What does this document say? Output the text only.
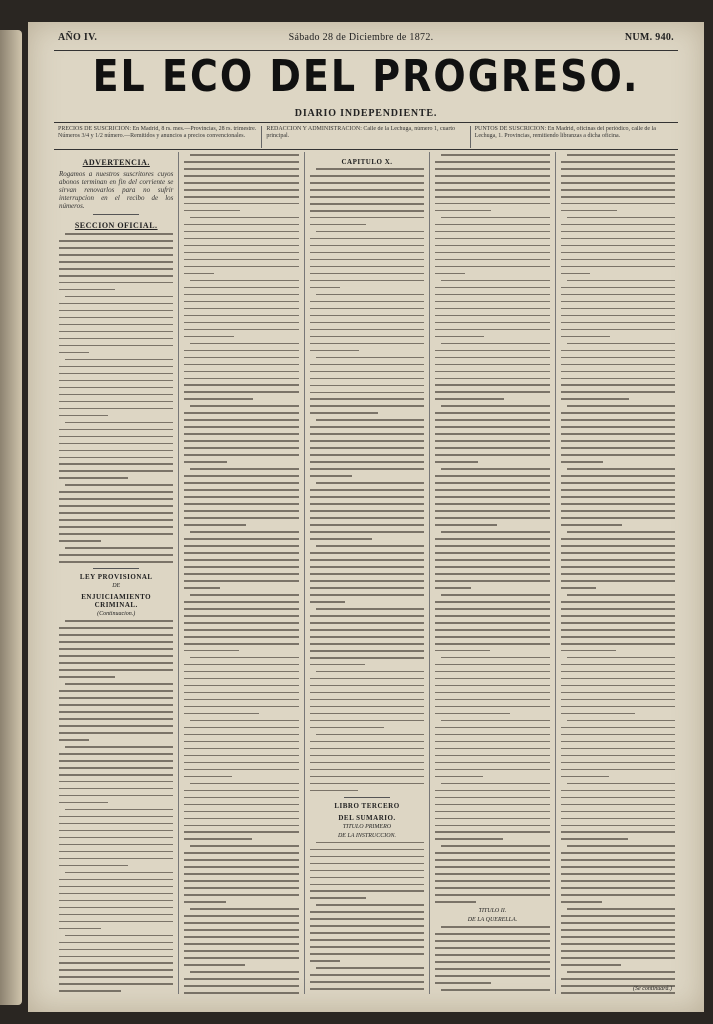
AÑO IV.	Sábado 28 de Diciembre de 1872.	NUM. 940.
EL ECO DEL PROGRESO.
DIARIO INDEPENDIENTE.
PRECIOS DE SUSCRICION: En Madrid, 8 rs. mes.—Provincias, 28 rs. trimestre. Números 3/4 y 1/2 número.—Remitidos y anuncios a precios convencionales.
REDACCION Y ADMINISTRACION: Calle de la Lechuga, número 1, cuarto principal.
PUNTOS DE SUSCRICION: En Madrid, oficinas del periódico, calle de la Lechuga, 1. Provincias, remitiendo libranzas a dicha oficina.
ADVERTENCIA.

Rogamos a nuestros suscritores cuyos abonos terminan en fin del corriente se sirvan renovarlos para no sufrir interrupcion en el recibo de los números.

SECCION OFICIAL.
LEY PROVISIONAL
DE
ENJUICIAMIENTO CRIMINAL.
(Continuacion.)
CAPITULO X.
LIBRO TERCERO
DEL SUMARIO.
TITULO PRIMERO
DE LA INSTRUCCION.
TITULO II.
DE LA QUERELLA.
(Se continuará.)
